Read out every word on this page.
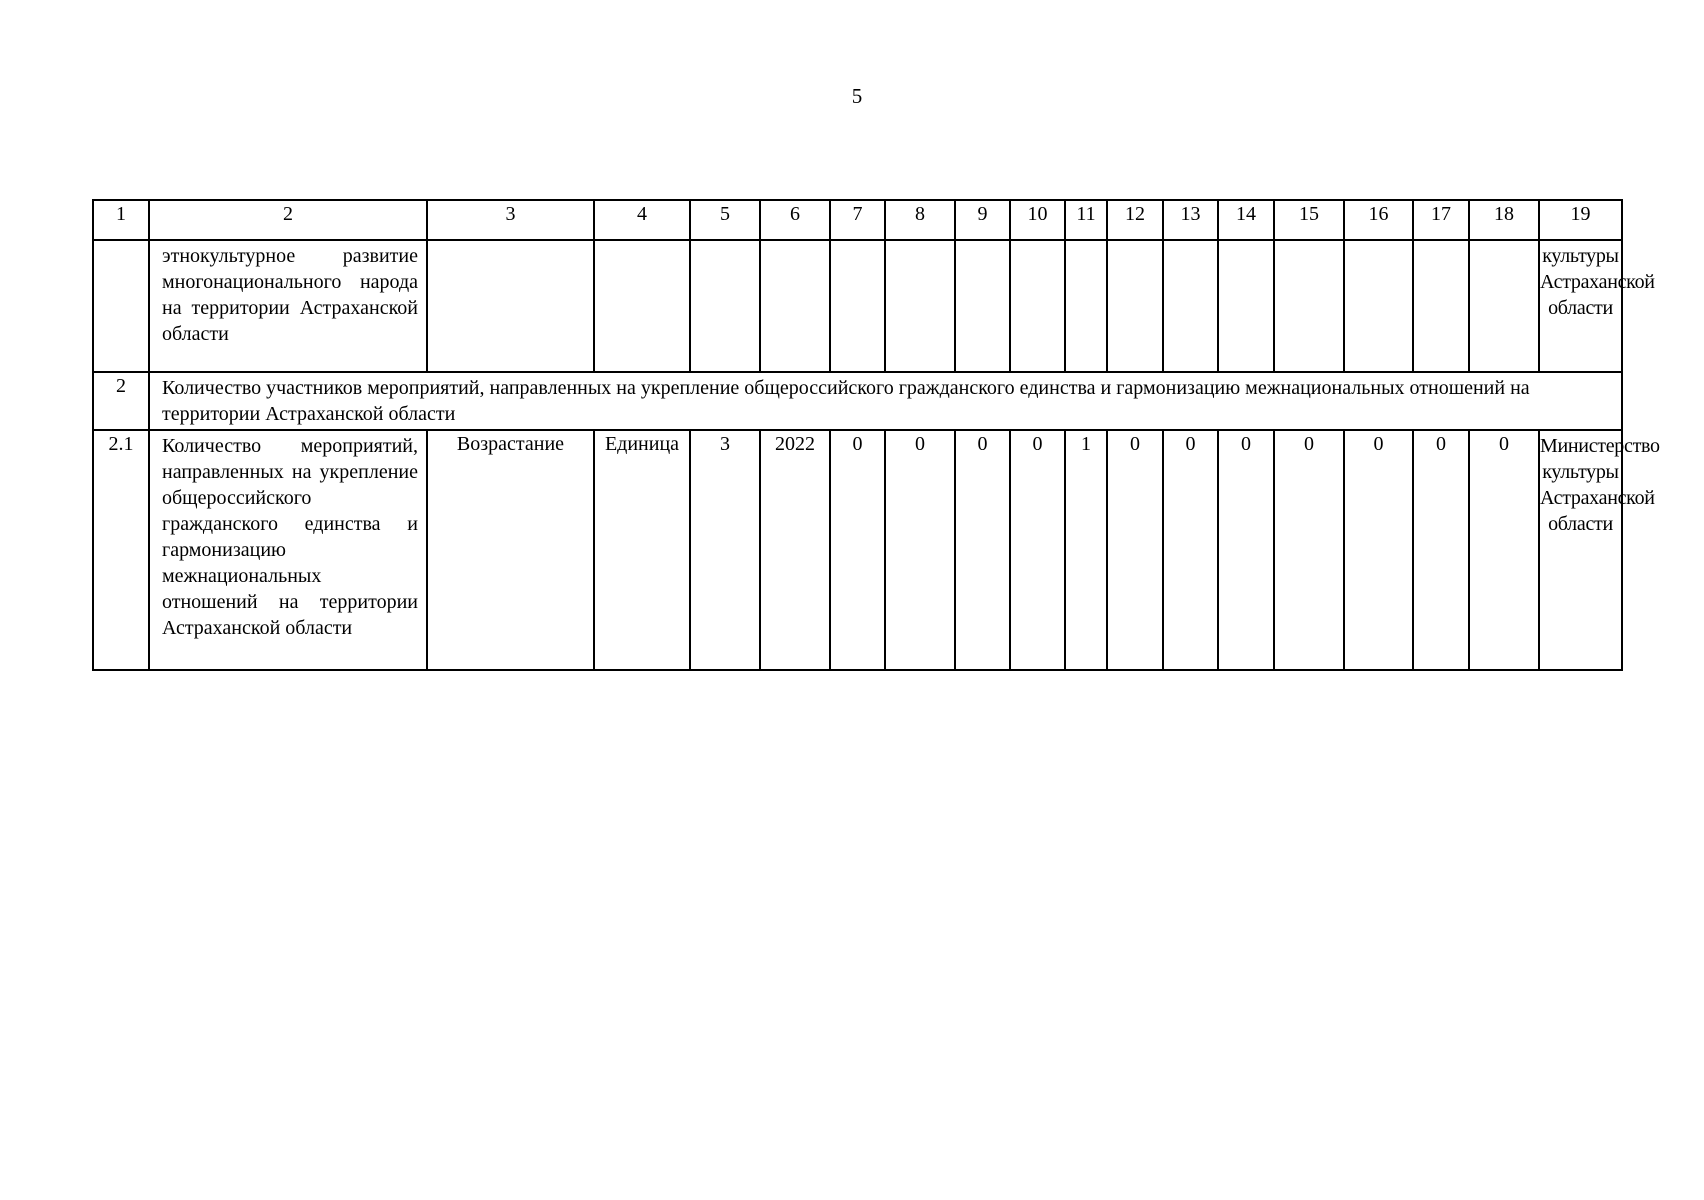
5
1	2	3	4	5	6	7	8	9	10	11	12	13	14	15	16	17	18	19
	этнокультурное развитие многонационального народа на территории Астраханской области																	культуры Астраханской области
2	Количество участников мероприятий, направленных на укрепление общероссийского гражданского единства и гармонизацию межнациональных отношений на территории Астраханской области																	
2.1	Количество мероприятий, направленных на укрепление общероссийского гражданского единства и гармонизацию межнациональных отношений на территории Астраханской области	Возрастание	Единица	3	2022	0	0	0	0	1	0	0	0	0	0	0	0	Министерство культуры Астраханской области
